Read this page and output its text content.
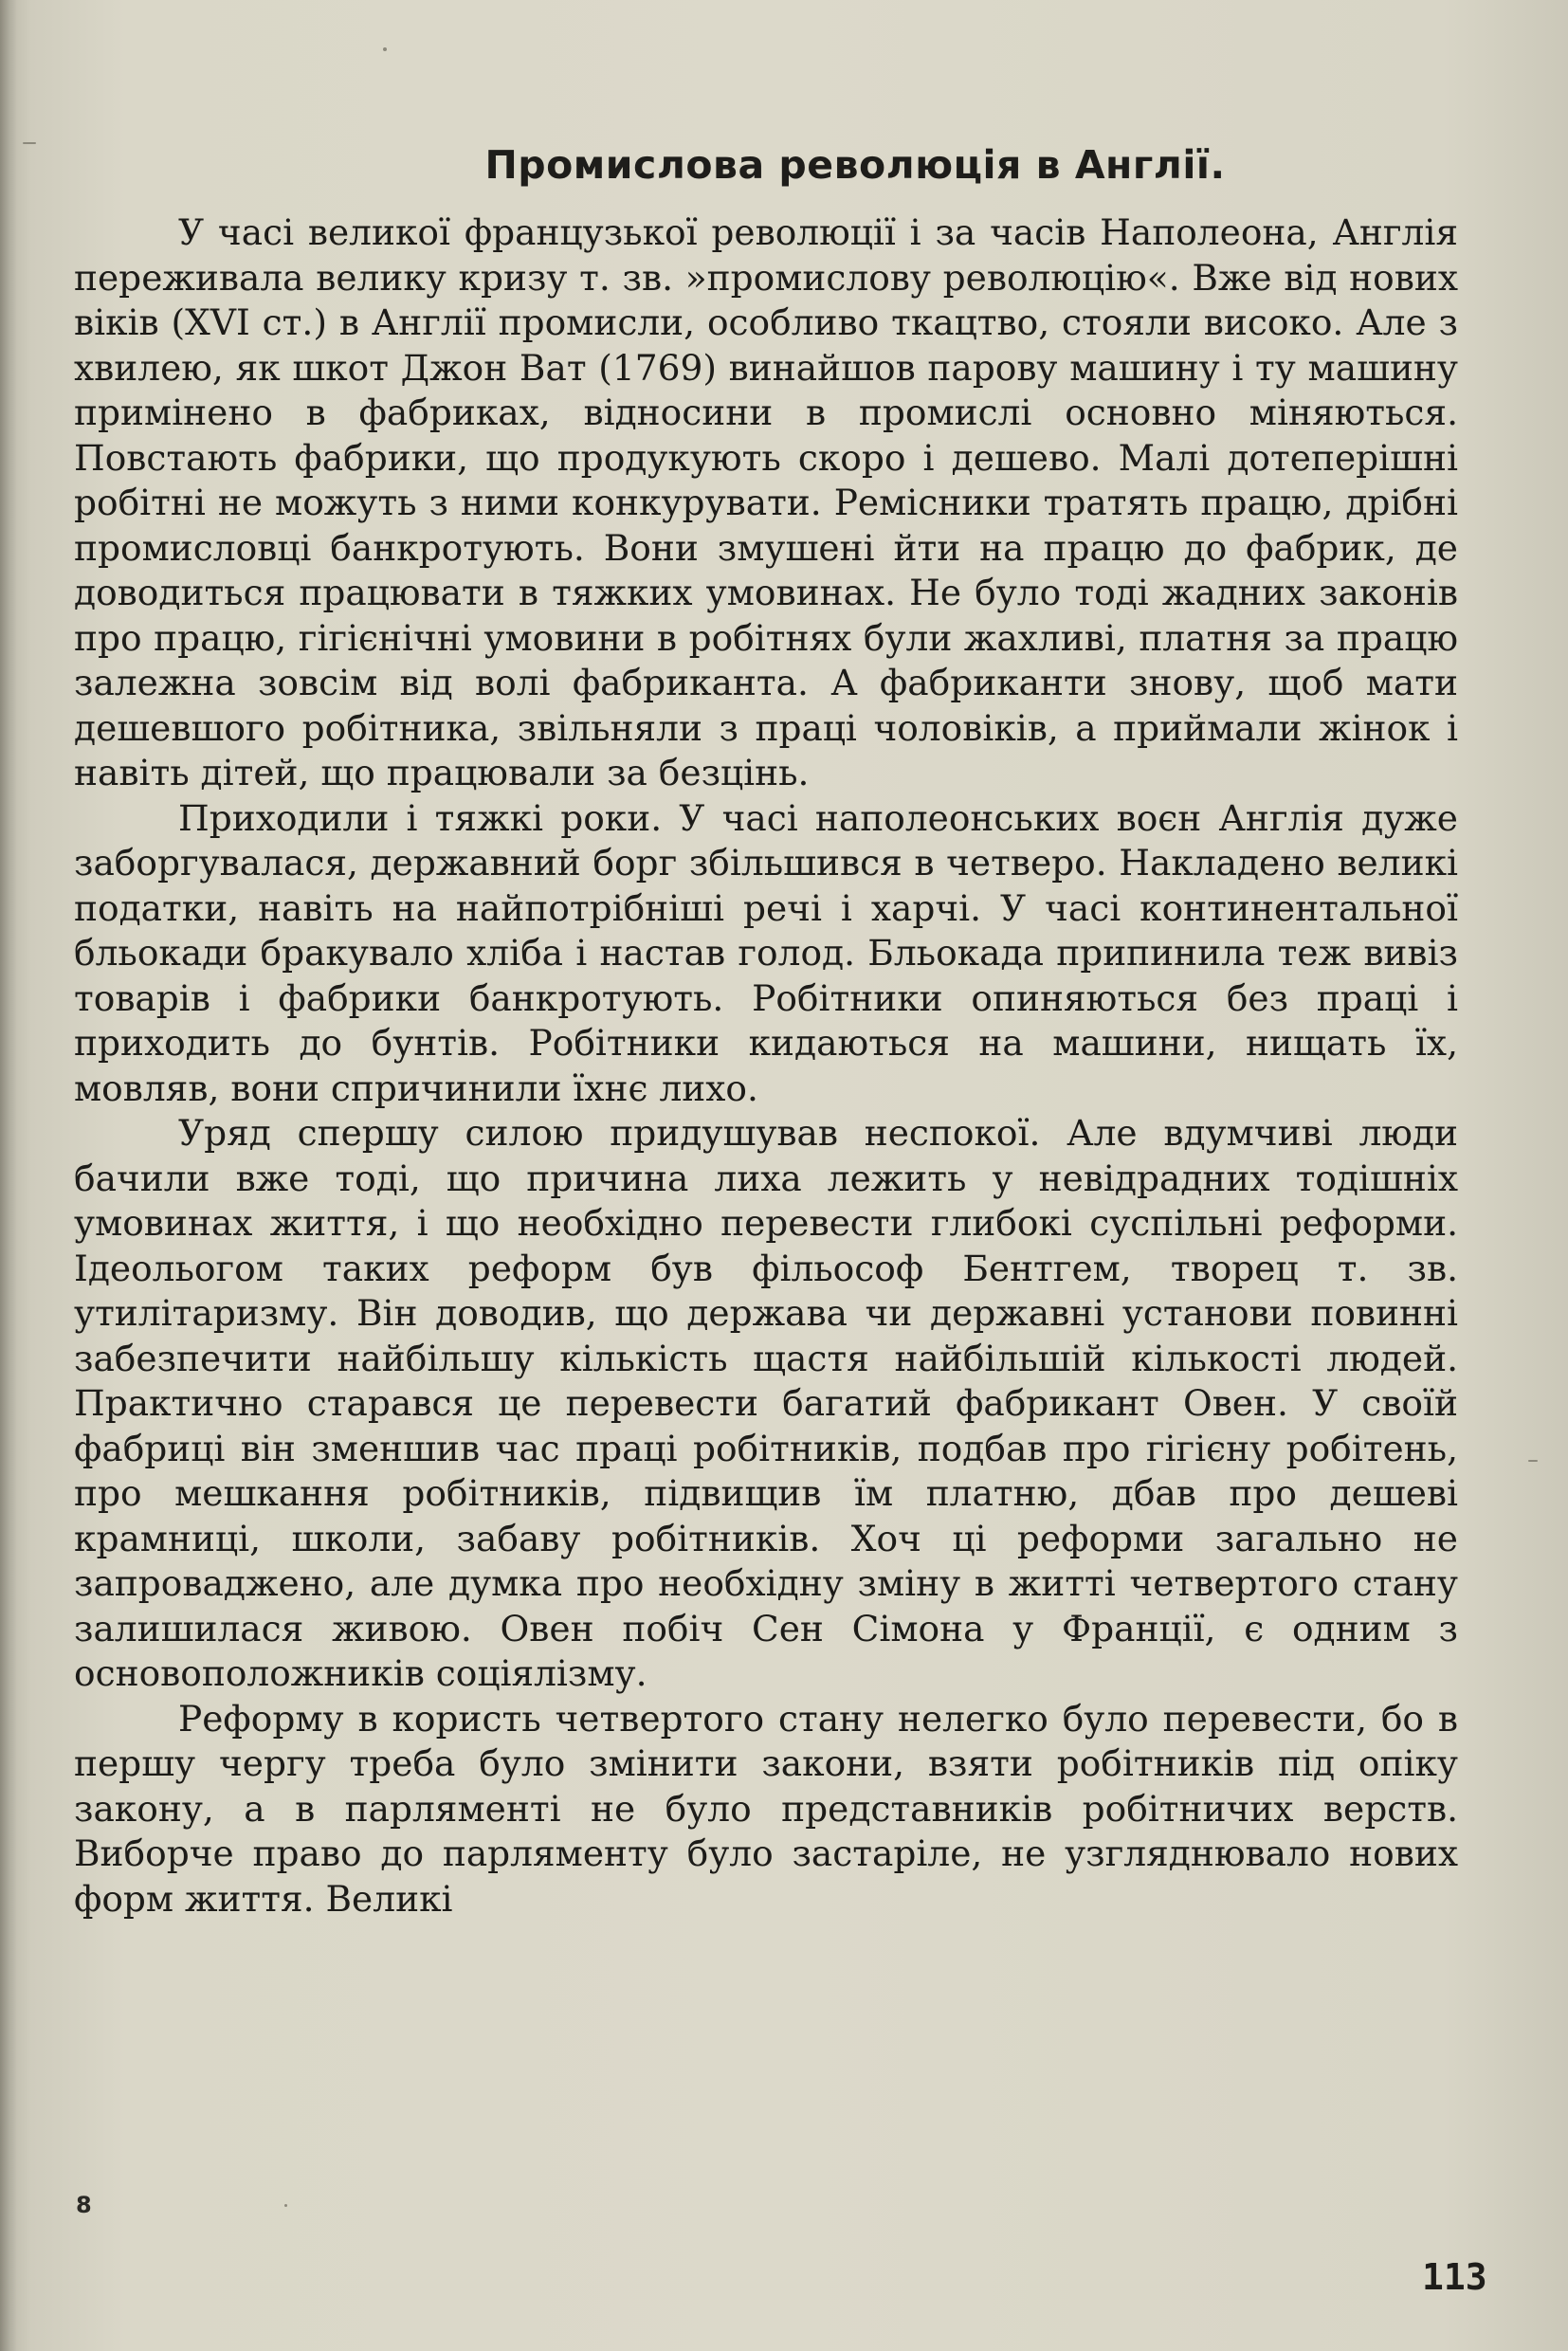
Промислова революція в Англії.

У часі великої французької революції і за часів Наполеона, Англія переживала велику кризу т. зв. »промислову революцію«. Вже від нових віків (XVI ст.) в Англії промисли, особливо ткацтво, стояли високо. Але з хвилею, як шкот Джон Ват (1769) винайшов парову машину і ту машину примінено в фабриках, відносини в промислі основно міняються. Повстають фабрики, що продукують скоро і дешево. Малі дотеперішні робітні не можуть з ними конкурувати. Ремісники тратять працю, дрібні промисловці банкротують. Вони змушені йти на працю до фабрик, де доводиться працювати в тяжких умовинах. Не було тоді жадних законів про працю, гігієнічні умовини в робітнях були жахливі, платня за працю залежна зовсім від волі фабриканта. А фабриканти знову, щоб мати дешевшого робітника, звільняли з праці чоловіків, а приймали жінок і навіть дітей, що працювали за безцінь.

Приходили і тяжкі роки. У часі наполеонських воєн Англія дуже заборгувалася, державний борг збільшився в четверо. Накладено великі податки, навіть на найпотрібніші речі і харчі. У часі континентальної бльокади бракувало хліба і настав голод. Бльокада припинила теж вивіз товарів і фабрики банкротують. Робітники опиняються без праці і приходить до бунтів. Робітники кидаються на машини, нищать їх, мовляв, вони спричинили їхнє лихо.

Уряд спершу силою придушував неспокої. Але вдумчиві люди бачили вже тоді, що причина лиха лежить у невідрадних тодішніх умовинах життя, і що необхідно перевести глибокі суспільні реформи. Ідеольогом таких реформ був фільософ Бентгем, творец т. зв. утилітаризму. Він доводив, що держава чи державні установи повинні забезпечити найбільшу кількість щастя найбільшій кількості людей. Практично старався це перевести багатий фабрикант Овен. У своїй фабриці він зменшив час праці робітників, подбав про гігієну робітень, про мешкання робітників, підвищив їм платню, дбав про дешеві крамниці, школи, забаву робітників. Хоч ці реформи загально не запроваджено, але думка про необхідну зміну в житті четвертого стану залишилася живою. Овен побіч Сен Сімона у Франції, є одним з основоположників соціялізму.

Реформу в користь четвертого стану нелегко було перевести, бо в першу чергу треба було змінити закони, взяти робітників під опіку закону, а в парляменті не було представників робітничих верств. Виборче право до парляменту було застаріле, не узгляднювало нових форм життя. Великі

8
113
